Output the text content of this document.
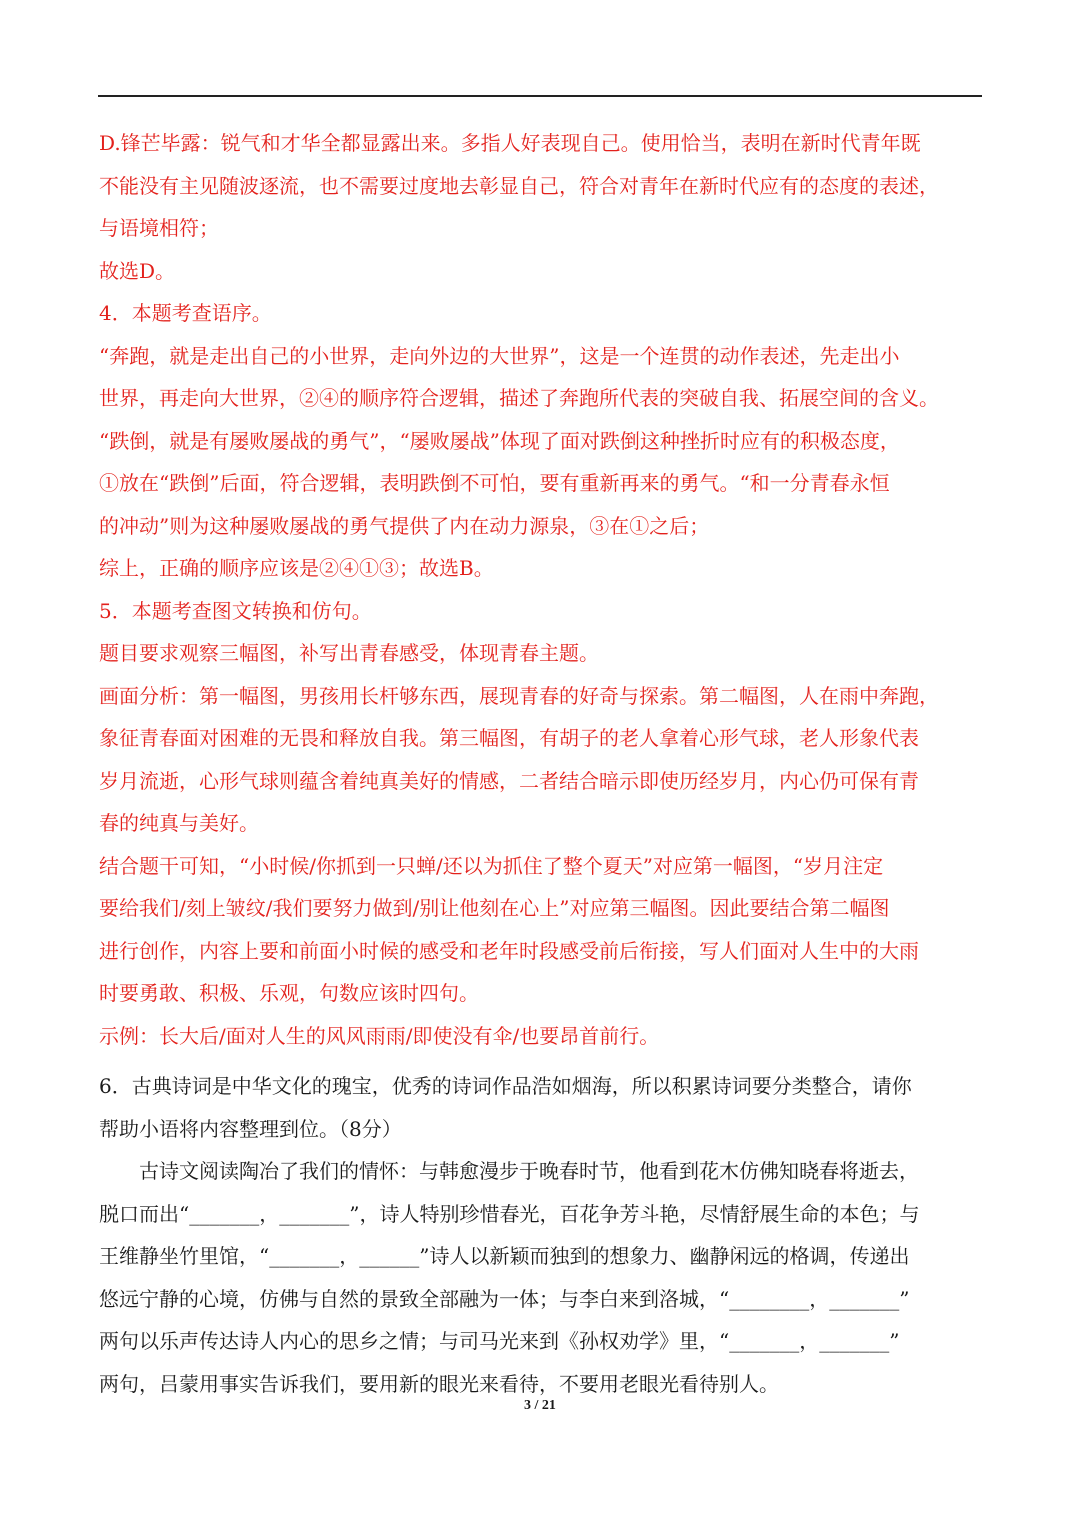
D.锋芒毕露：锐气和才华全都显露出来。多指人好表现自己。使用恰当，表明在新时代青年既

不能没有主见随波逐流，也不需要过度地去彰显自己，符合对青年在新时代应有的态度的表述，

与语境相符；

故选D。

4．本题考查语序。

“奔跑，就是走出自己的小世界，走向外边的大世界”，这是一个连贯的动作表述，先走出小

世界，再走向大世界，②④的顺序符合逻辑，描述了奔跑所代表的突破自我、拓展空间的含义。

“跌倒，就是有屡败屡战的勇气”，“屡败屡战”体现了面对跌倒这种挫折时应有的积极态度，

①放在“跌倒”后面，符合逻辑，表明跌倒不可怕，要有重新再来的勇气。“和一分青春永恒

的冲动”则为这种屡败屡战的勇气提供了内在动力源泉，③在①之后；

综上，正确的顺序应该是②④①③；故选B。

5．本题考查图文转换和仿句。

题目要求观察三幅图，补写出青春感受，体现青春主题。

画面分析：第一幅图，男孩用长杆够东西，展现青春的好奇与探索。第二幅图，人在雨中奔跑，

象征青春面对困难的无畏和释放自我。第三幅图，有胡子的老人拿着心形气球，老人形象代表

岁月流逝，心形气球则蕴含着纯真美好的情感，二者结合暗示即使历经岁月，内心仍可保有青

春的纯真与美好。

结合题干可知，“小时候/你抓到一只蝉/还以为抓住了整个夏天”对应第一幅图，“岁月注定

要给我们/刻上皱纹/我们要努力做到/别让他刻在心上”对应第三幅图。因此要结合第二幅图

进行创作，内容上要和前面小时候的感受和老年时段感受前后衔接，写人们面对人生中的大雨

时要勇敢、积极、乐观，句数应该时四句。

示例：长大后/面对人生的风风雨雨/即使没有伞/也要昂首前行。

6．古典诗词是中华文化的瑰宝，优秀的诗词作品浩如烟海，所以积累诗词要分类整合，请你

帮助小语将内容整理到位。（8分）

古诗文阅读陶冶了我们的情怀：与韩愈漫步于晚春时节，他看到花木仿佛知晓春将逝去，

脱口而出“_______，_______”，诗人特别珍惜春光，百花争芳斗艳，尽情舒展生命的本色；与

王维静坐竹里馆，“_______，______”诗人以新颖而独到的想象力、幽静闲远的格调，传递出

悠远宁静的心境，仿佛与自然的景致全部融为一体；与李白来到洛城，“________，_______”

两句以乐声传达诗人内心的思乡之情；与司马光来到《孙权劝学》里，“_______，_______”

两句，吕蒙用事实告诉我们，要用新的眼光来看待，不要用老眼光看待别人。

3 / 21
